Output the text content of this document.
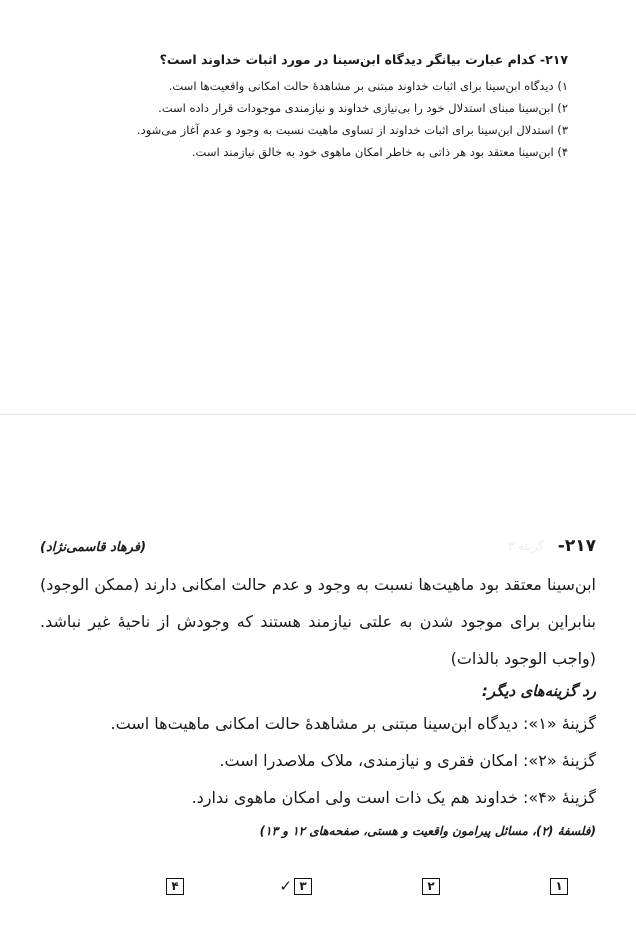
۲۱۷- کدام عبارت بیانگر دیدگاه ابن‌سینا در مورد اثبات خداوند است؟
۱) دیدگاه ابن‌سینا برای اثبات خداوند مبتنی بر مشاهدهٔ حالت امکانی واقعیت‌ها است.
۲) ابن‌سینا مبنای استدلال خود را بی‌نیازی خداوند و نیازمندی موجودات قرار داده است.
۳) استدلال ابن‌سینا برای اثبات خداوند از تساوی ماهیت نسبت به وجود و عدم آغاز می‌شود.
۴) ابن‌سینا معتقد بود هر ذاتی به خاطر امکان ماهوی خود به خالق نیازمند است.
۲۱۷-
گزینه ۳
(فرهاد قاسمی‌نژاد)

ابن‌سینا معتقد بود ماهیت‌ها نسبت به وجود و عدم حالت امکانی دارند (ممکن الوجود) بنابراین برای موجود شدن به علتی نیازمند هستند که وجودش از ناحیهٔ غیر نباشد. (واجب الوجود بالذات)

رد گزینه‌های دیگر:

گزینهٔ «۱»: دیدگاه ابن‌سینا مبتنی بر مشاهدهٔ حالت امکانی ماهیت‌ها است.
گزینهٔ «۲»: امکان فقری و نیازمندی، ملاک ملاصدرا است.
گزینهٔ «۴»: خداوند هم یک ذات است ولی امکان ماهوی ندارد.
(فلسفهٔ (۲)، مسائل پیرامون واقعیت و هستی، صفحه‌های ۱۲ و ۱۳)
۱
۲
۳
✓
۴
